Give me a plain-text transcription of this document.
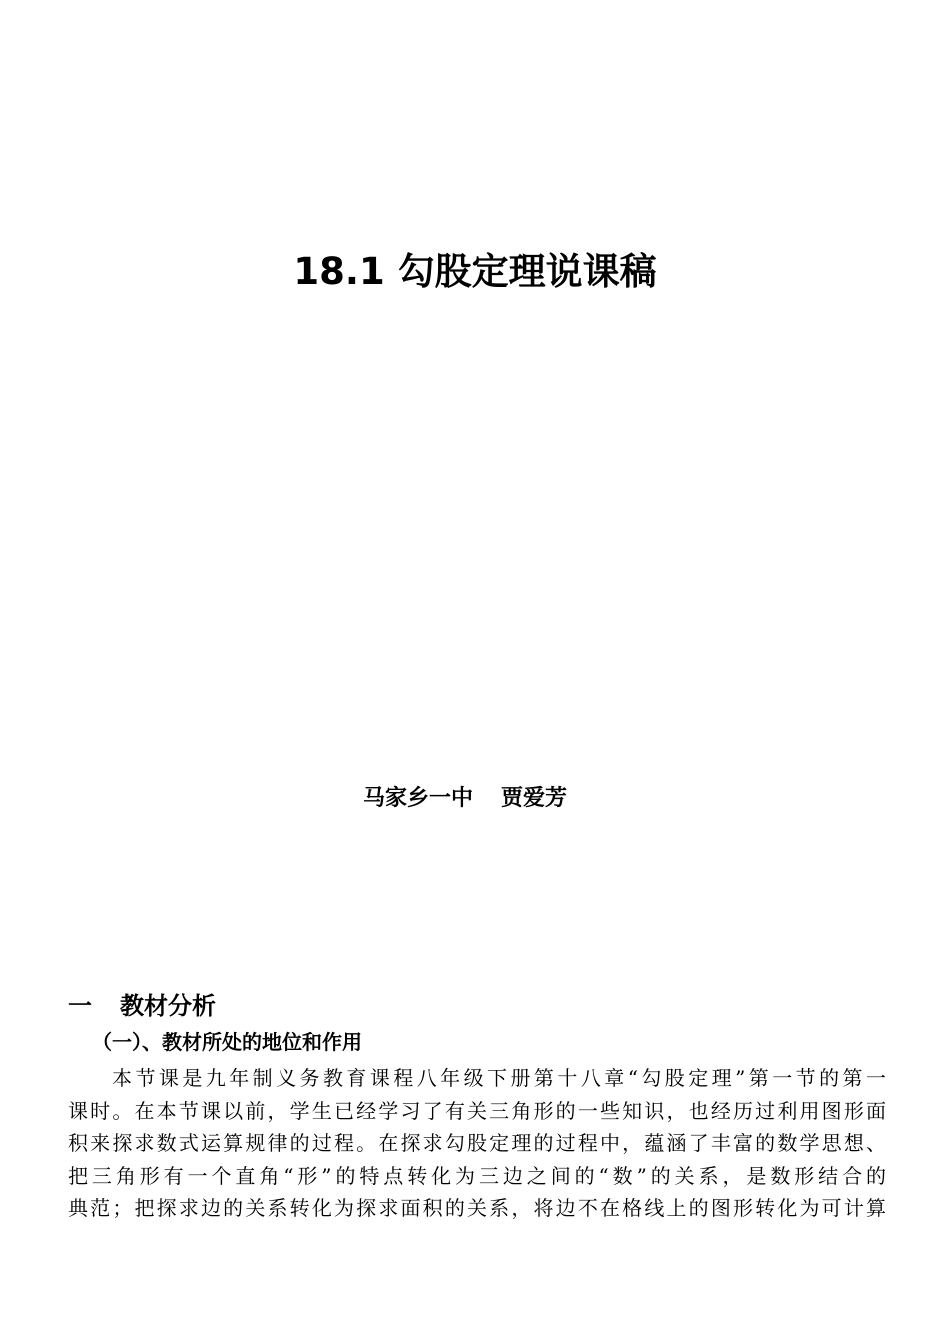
18.1 勾股定理说课稿
马家乡一中 贾爱芳
一 教材分析
（一）、教材所处的地位和作用
本节课是九年制义务教育课程八年级下册第十八章“勾股定理”第一节的第一
课时。在本节课以前，学生已经学习了有关三角形的一些知识，也经历过利用图形面
积来探求数式运算规律的过程。在探求勾股定理的过程中，蕴涵了丰富的数学思想、
把三角形有一个直角“形”的特点转化为三边之间的“数”的关系，是数形结合的
典范；把探求边的关系转化为探求面积的关系，将边不在格线上的图形转化为可计算
